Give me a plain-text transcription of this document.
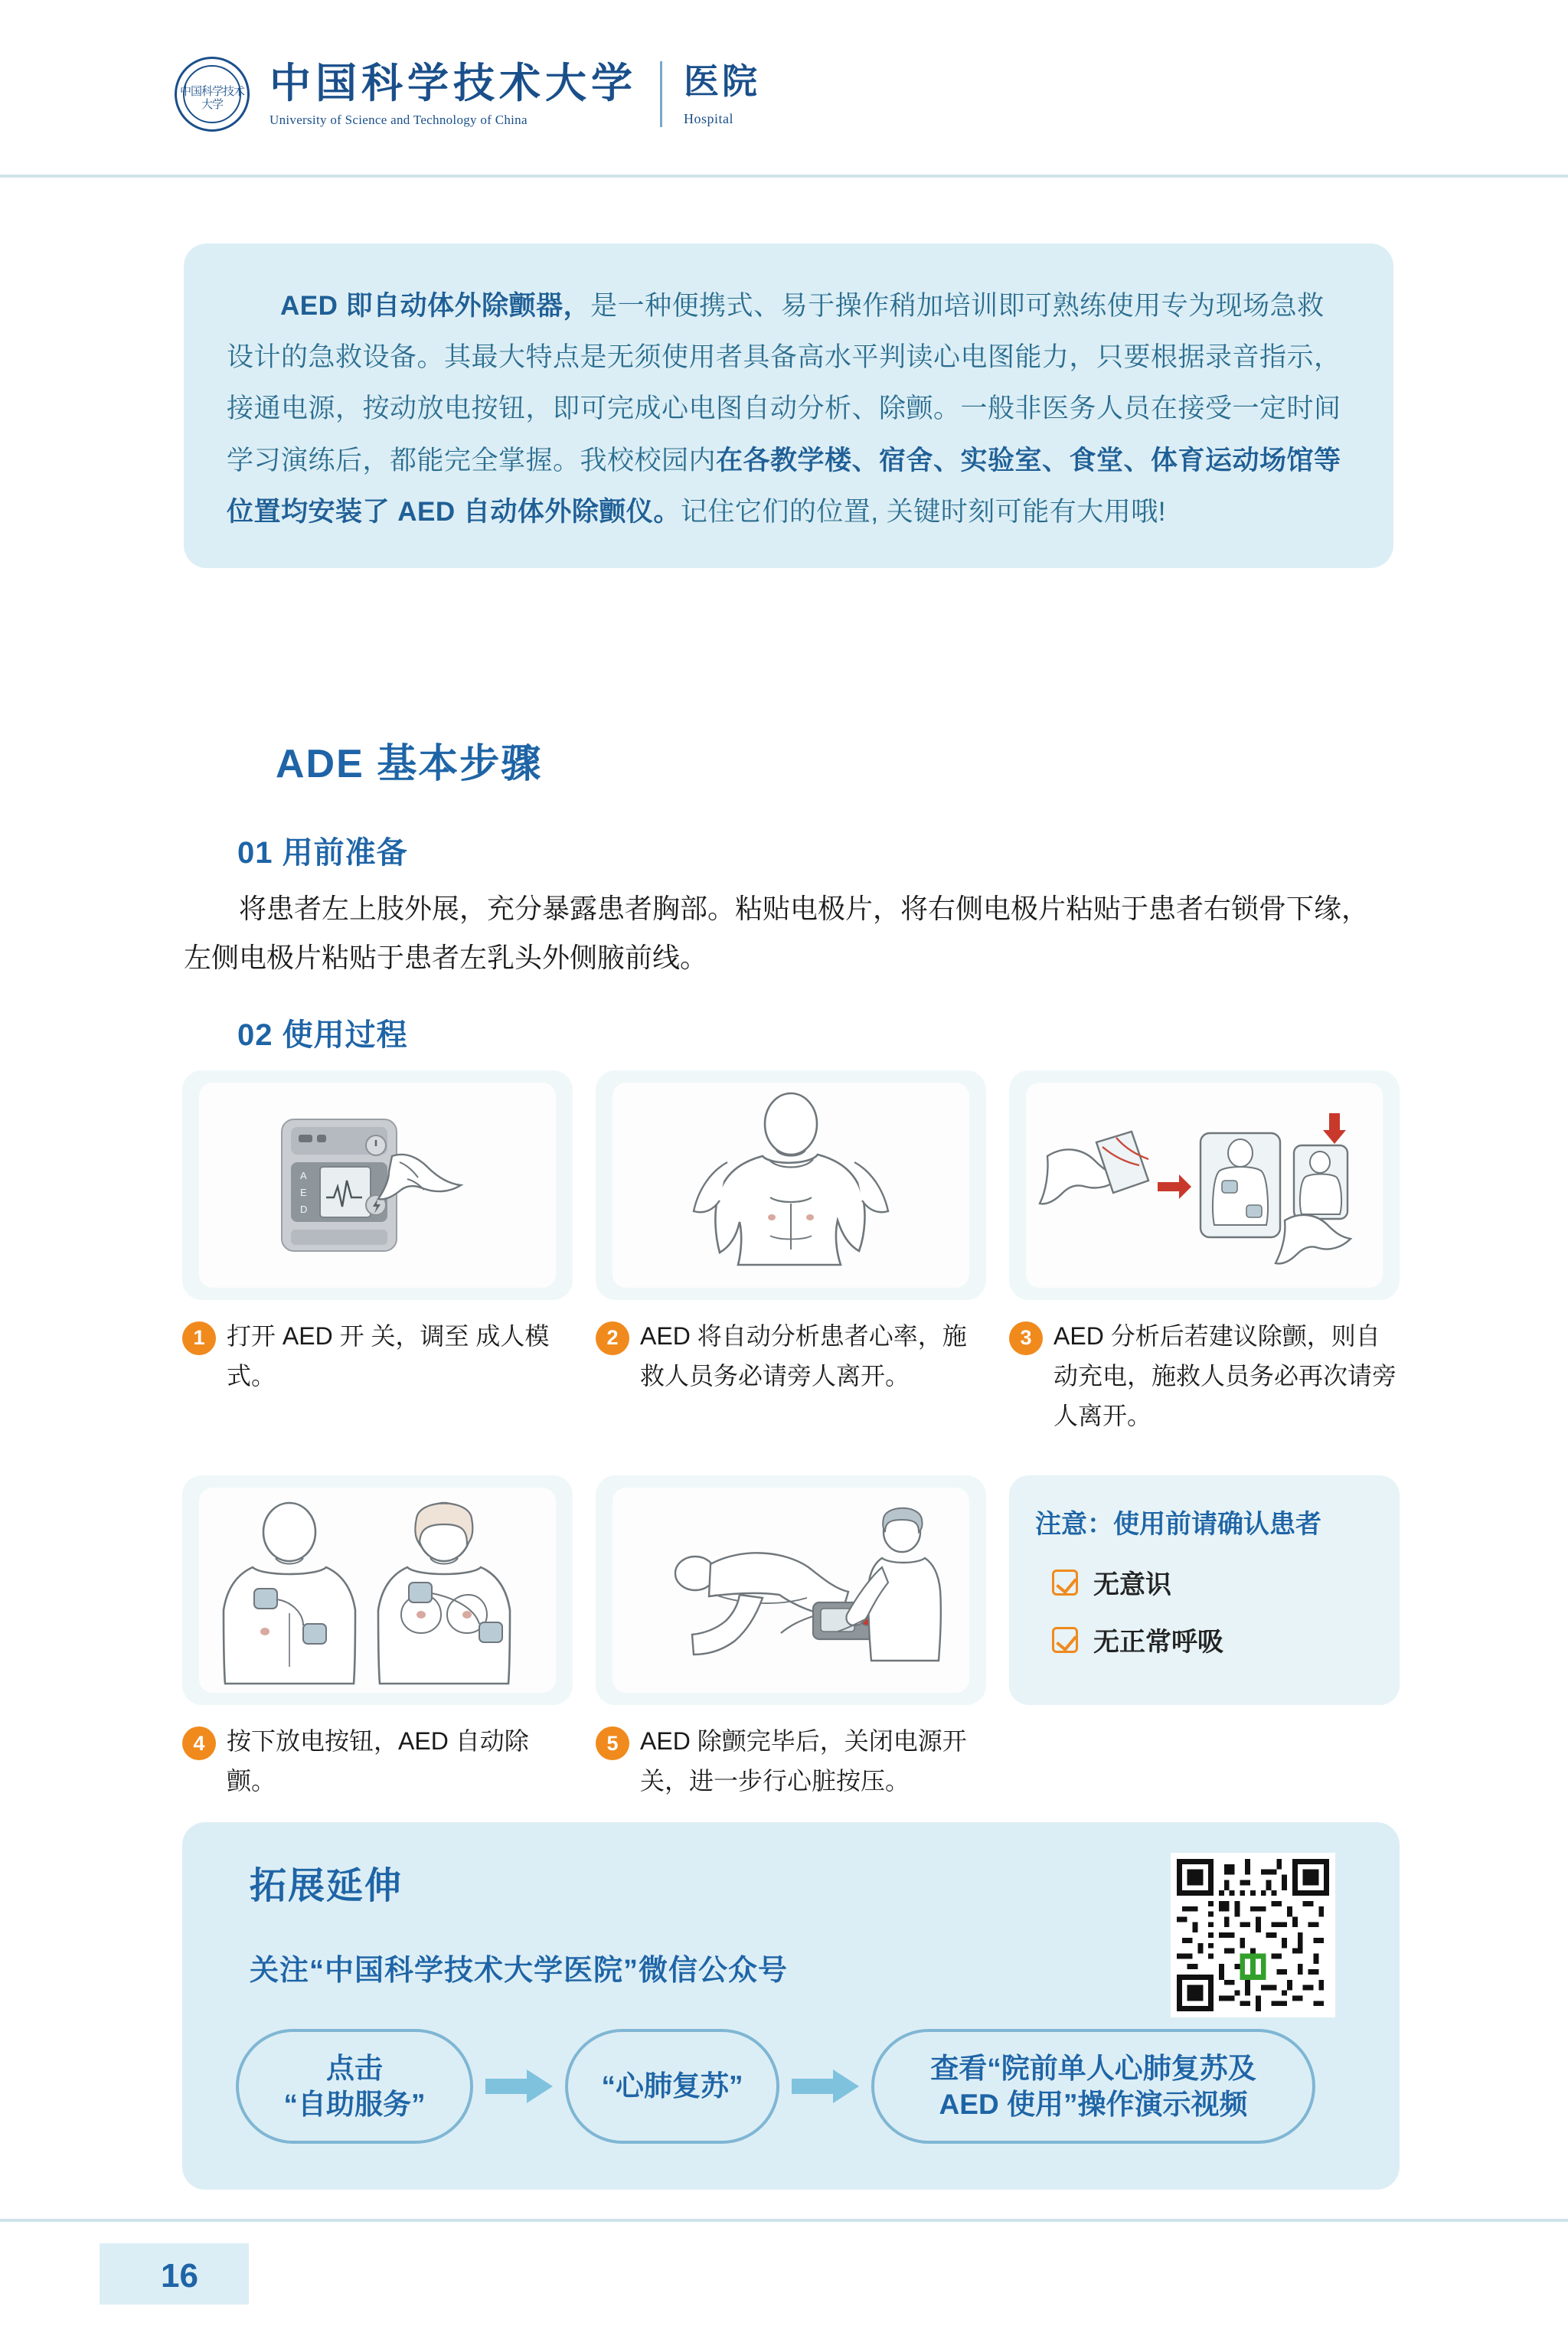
中国科学技术大学	中国科学技术大学
University of Science and Technology of China
医院
Hospital

AED 即自动体外除颤器，是一种便携式、易于操作稍加培训即可熟练使用专为现场急救设计的急救设备。其最大特点是无须使用者具备高水平判读心电图能力，只要根据录音指示，接通电源，按动放电按钮，即可完成心电图自动分析、除颤。一般非医务人员在接受一定时间学习演练后，都能完全掌握。我校校园内在各教学楼、宿舍、实验室、食堂、体育运动场馆等位置均安装了 AED 自动体外除颤仪。记住它们的位置, 关键时刻可能有大用哦!

ADE 基本步骤
01 用前准备

将患者左上肢外展，充分暴露患者胸部。粘贴电极片，将右侧电极片粘贴于患者右锁骨下缘，左侧电极片粘贴于患者左乳头外侧腋前线。

02 使用过程
A
E
D
1 打开 AED 开 关，调至 成人模式。
2 AED 将自动分析患者心率，施救人员务必请旁人离开。
3 AED 分析后若建议除颤，则自动充电，施救人员务必再次请旁人离开。
4 按下放电按钮，AED 自动除颤。
5 AED 除颤完毕后，关闭电源开关，进一步行心脏按压。
注意：使用前请确认患者
无意识
无正常呼吸
拓展延伸
关注“中国科学技术大学医院”微信公众号
点击
“自助服务”
“心肺复苏”
查看“院前单人心肺复苏及
AED 使用”操作演示视频
16
